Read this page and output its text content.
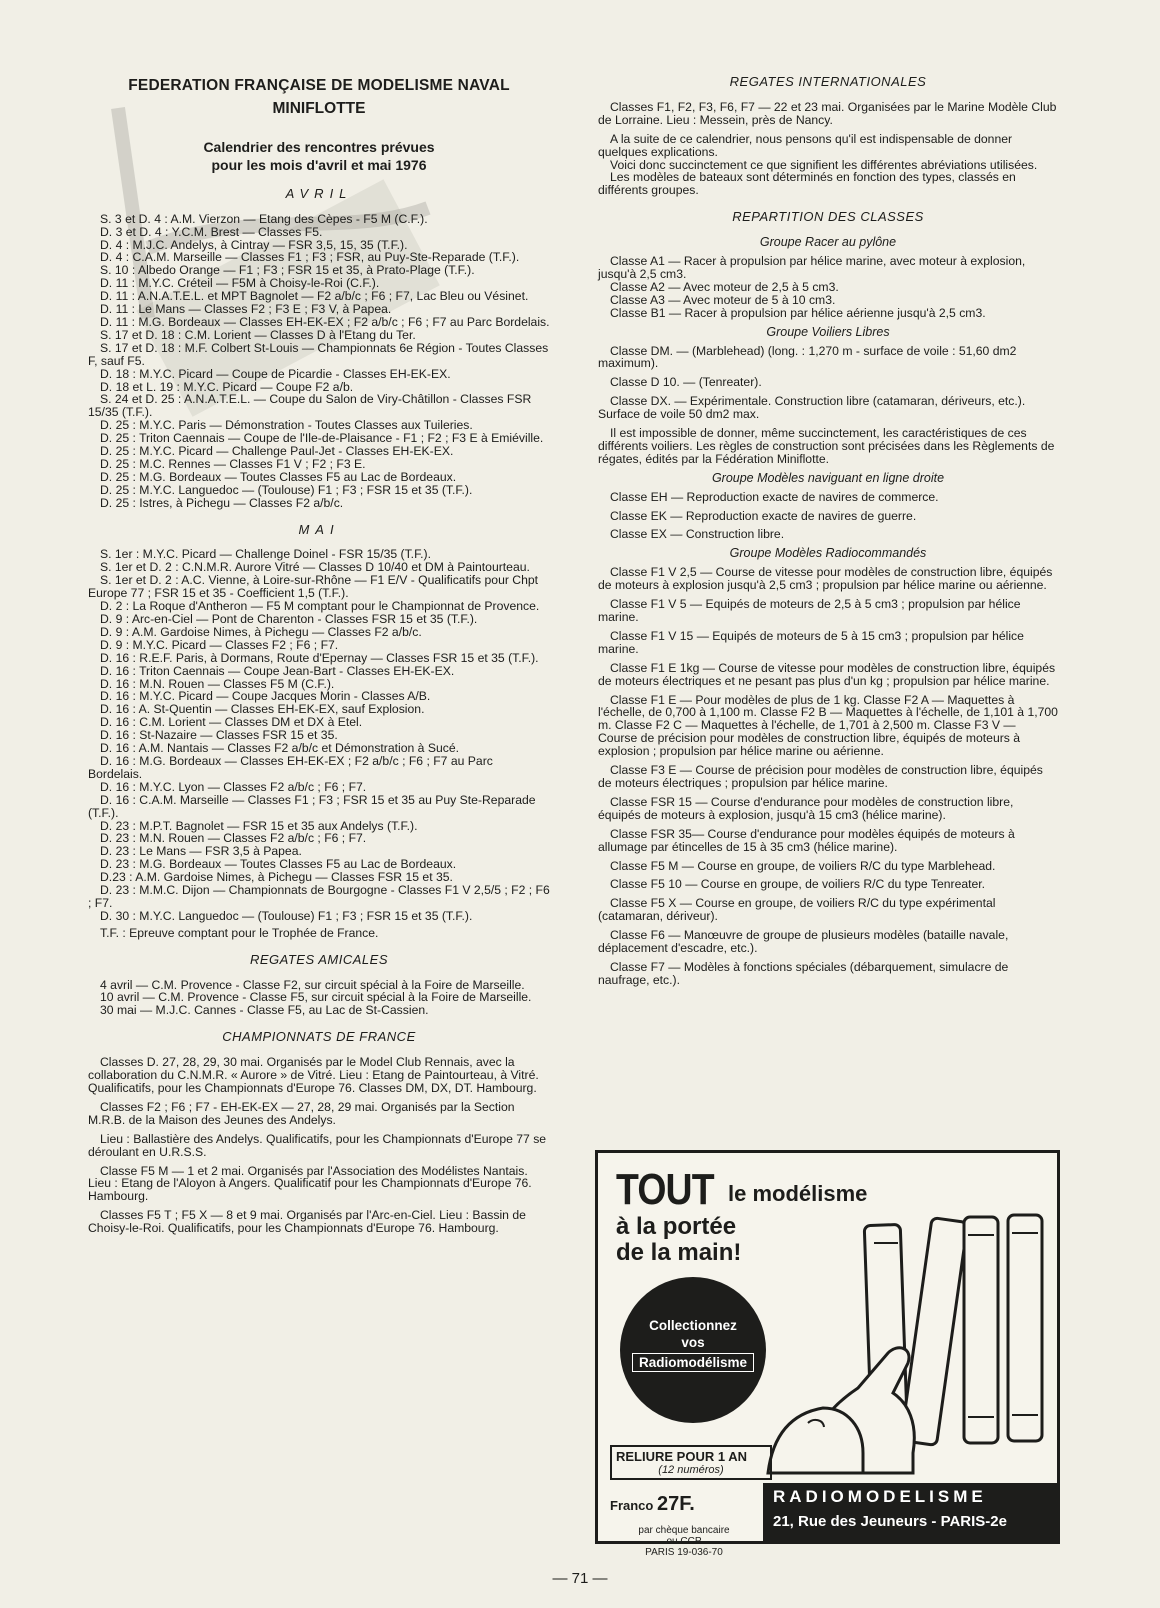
FEDERATION FRANÇAISE DE MODELISME NAVAL
MINIFLOTTE
Calendrier des rencontres prévues
pour les mois d'avril et mai 1976
AVRIL

S. 3 et D. 4 : A.M. Vierzon — Etang des Cèpes - F5 M (C.F.).

D. 3 et D. 4 : Y.C.M. Brest — Classes F5.

D. 4 : M.J.C. Andelys, à Cintray — FSR 3,5, 15, 35 (T.F.).

D. 4 : C.A.M. Marseille — Classes F1 ; F3 ; FSR, au Puy-Ste-Reparade (T.F.).

S. 10 : Albedo Orange — F1 ; F3 ; FSR 15 et 35, à Prato-Plage (T.F.).

D. 11 : M.Y.C. Créteil — F5M à Choisy-le-Roi (C.F.).

D. 11 : A.N.A.T.E.L. et MPT Bagnolet — F2 a/b/c ; F6 ; F7, Lac Bleu ou Vésinet.

D. 11 : Le Mans — Classes F2 ; F3 E ; F3 V, à Papea.

D. 11 : M.G. Bordeaux — Classes EH-EK-EX ; F2 a/b/c ; F6 ; F7 au Parc Bordelais.

S. 17 et D. 18 : C.M. Lorient — Classes D à l'Etang du Ter.

S. 17 et D. 18 : M.F. Colbert St-Louis — Championnats 6e Région - Toutes Classes F, sauf F5.

D. 18 : M.Y.C. Picard — Coupe de Picardie - Classes EH-EK-EX.

D. 18 et L. 19 : M.Y.C. Picard — Coupe F2 a/b.

S. 24 et D. 25 : A.N.A.T.E.L. — Coupe du Salon de Viry-Châtillon - Classes FSR 15/35 (T.F.).

D. 25 : M.Y.C. Paris — Démonstration - Toutes Classes aux Tuileries.

D. 25 : Triton Caennais — Coupe de l'Ile-de-Plaisance - F1 ; F2 ; F3 E à Emiéville.

D. 25 : M.Y.C. Picard — Challenge Paul-Jet - Classes EH-EK-EX.

D. 25 : M.C. Rennes — Classes F1 V ; F2 ; F3 E.

D. 25 : M.G. Bordeaux — Toutes Classes F5 au Lac de Bordeaux.

D. 25 : M.Y.C. Languedoc — (Toulouse) F1 ; F3 ; FSR 15 et 35 (T.F.).

D. 25 : Istres, à Pichegu — Classes F2 a/b/c.

MAI

S. 1er : M.Y.C. Picard — Challenge Doinel - FSR 15/35 (T.F.).

S. 1er et D. 2 : C.N.M.R. Aurore Vitré — Classes D 10/40 et DM à Paintourteau.

S. 1er et D. 2 : A.C. Vienne, à Loire-sur-Rhône — F1 E/V - Qualificatifs pour Chpt Europe 77 ; FSR 15 et 35 - Coefficient 1,5 (T.F.).

D. 2 : La Roque d'Antheron — F5 M comptant pour le Championnat de Provence.

D. 9 : Arc-en-Ciel — Pont de Charenton - Classes FSR 15 et 35 (T.F.).

D. 9 : A.M. Gardoise Nimes, à Pichegu — Classes F2 a/b/c.

D. 9 : M.Y.C. Picard — Classes F2 ; F6 ; F7.

D. 16 : R.E.F. Paris, à Dormans, Route d'Epernay — Classes FSR 15 et 35 (T.F.).

D. 16 : Triton Caennais — Coupe Jean-Bart - Classes EH-EK-EX.

D. 16 : M.N. Rouen — Classes F5 M (C.F.).

D. 16 : M.Y.C. Picard — Coupe Jacques Morin - Classes A/B.

D. 16 : A. St-Quentin — Classes EH-EK-EX, sauf Explosion.

D. 16 : C.M. Lorient — Classes DM et DX à Etel.

D. 16 : St-Nazaire — Classes FSR 15 et 35.

D. 16 : A.M. Nantais — Classes F2 a/b/c et Démonstration à Sucé.

D. 16 : M.G. Bordeaux — Classes EH-EK-EX ; F2 a/b/c ; F6 ; F7 au Parc Bordelais.

D. 16 : M.Y.C. Lyon — Classes F2 a/b/c ; F6 ; F7.

D. 16 : C.A.M. Marseille — Classes F1 ; F3 ; FSR 15 et 35 au Puy Ste-Reparade (T.F.).

D. 23 : M.P.T. Bagnolet — FSR 15 et 35 aux Andelys (T.F.).

D. 23 : M.N. Rouen — Classes F2 a/b/c ; F6 ; F7.

D. 23 : Le Mans — FSR 3,5 à Papea.

D. 23 : M.G. Bordeaux — Toutes Classes F5 au Lac de Bordeaux.

D.23 : A.M. Gardoise Nimes, à Pichegu — Classes FSR 15 et 35.

D. 23 : M.M.C. Dijon — Championnats de Bourgogne - Classes F1 V 2,5/5 ; F2 ; F6 ; F7.

D. 30 : M.Y.C. Languedoc — (Toulouse) F1 ; F3 ; FSR 15 et 35 (T.F.).

T.F. : Epreuve comptant pour le Trophée de France.

REGATES AMICALES

4 avril — C.M. Provence - Classe F2, sur circuit spécial à la Foire de Marseille.

10 avril — C.M. Provence - Classe F5, sur circuit spécial à la Foire de Marseille.

30 mai — M.J.C. Cannes - Classe F5, au Lac de St-Cassien.

CHAMPIONNATS DE FRANCE

Classes D. 27, 28, 29, 30 mai. Organisés par le Model Club Rennais, avec la collaboration du C.N.M.R. « Aurore » de Vitré. Lieu : Etang de Paintourteau, à Vitré. Qualificatifs, pour les Championnats d'Europe 76. Classes DM, DX, DT. Hambourg.

Classes F2 ; F6 ; F7 - EH-EK-EX — 27, 28, 29 mai. Organisés par la Section M.R.B. de la Maison des Jeunes des Andelys.

Lieu : Ballastière des Andelys. Qualificatifs, pour les Championnats d'Europe 77 se déroulant en U.R.S.S.

Classe F5 M — 1 et 2 mai. Organisés par l'Association des Modélistes Nantais. Lieu : Etang de l'Aloyon à Angers. Qualificatif pour les Championnats d'Europe 76. Hambourg.

Classes F5 T ; F5 X — 8 et 9 mai. Organisés par l'Arc-en-Ciel. Lieu : Bassin de Choisy-le-Roi. Qualificatifs, pour les Championnats d'Europe 76. Hambourg.

REGATES INTERNATIONALES

Classes F1, F2, F3, F6, F7 — 22 et 23 mai. Organisées par le Marine Modèle Club de Lorraine. Lieu : Messein, près de Nancy.

A la suite de ce calendrier, nous pensons qu'il est indispensable de donner quelques explications.

Voici donc succinctement ce que signifient les différentes abréviations utilisées.

Les modèles de bateaux sont déterminés en fonction des types, classés en différents groupes.

REPARTITION DES CLASSES
Groupe Racer au pylône

Classe A1 — Racer à propulsion par hélice marine, avec moteur à explosion, jusqu'à 2,5 cm3.

Classe A2 — Avec moteur de 2,5 à 5 cm3.

Classe A3 — Avec moteur de 5 à 10 cm3.

Classe B1 — Racer à propulsion par hélice aérienne jusqu'à 2,5 cm3.

Groupe Voiliers Libres

Classe DM. — (Marblehead) (long. : 1,270 m - surface de voile : 51,60 dm2 maximum).

Classe D 10. — (Tenreater).

Classe DX. — Expérimentale. Construction libre (catamaran, dériveurs, etc.). Surface de voile 50 dm2 max.

Il est impossible de donner, même succinctement, les caractéristiques de ces différents voiliers. Les règles de construction sont précisées dans les Règlements de régates, édités par la Fédération Miniflotte.

Groupe Modèles naviguant en ligne droite

Classe EH — Reproduction exacte de navires de commerce.

Classe EK — Reproduction exacte de navires de guerre.

Classe EX — Construction libre.

Groupe Modèles Radiocommandés

Classe F1 V 2,5 — Course de vitesse pour modèles de construction libre, équipés de moteurs à explosion jusqu'à 2,5 cm3 ; propulsion par hélice marine ou aérienne.

Classe F1 V 5 — Equipés de moteurs de 2,5 à 5 cm3 ; propulsion par hélice marine.

Classe F1 V 15 — Equipés de moteurs de 5 à 15 cm3 ; propulsion par hélice marine.

Classe F1 E 1kg — Course de vitesse pour modèles de construction libre, équipés de moteurs électriques et ne pesant pas plus d'un kg ; propulsion par hélice marine.

Classe F1 E — Pour modèles de plus de 1 kg. Classe F2 A — Maquettes à l'échelle, de 0,700 à 1,100 m. Classe F2 B — Maquettes à l'échelle, de 1,101 à 1,700 m. Classe F2 C — Maquettes à l'échelle, de 1,701 à 2,500 m. Classe F3 V — Course de précision pour modèles de construction libre, équipés de moteurs à explosion ; propulsion par hélice marine ou aérienne.

Classe F3 E — Course de précision pour modèles de construction libre, équipés de moteurs électriques ; propulsion par hélice marine.

Classe FSR 15 — Course d'endurance pour modèles de construction libre, équipés de moteurs à explosion, jusqu'à 15 cm3 (hélice marine).

Classe FSR 35— Course d'endurance pour modèles équipés de moteurs à allumage par étincelles de 15 à 35 cm3 (hélice marine).

Classe F5 M — Course en groupe, de voiliers R/C du type Marblehead.

Classe F5 10 — Course en groupe, de voiliers R/C du type Tenreater.

Classe F5 X — Course en groupe, de voiliers R/C du type expérimental (catamaran, dériveur).

Classe F6 — Manœuvre de groupe de plusieurs modèles (bataille navale, déplacement d'escadre, etc.).

Classe F7 — Modèles à fonctions spéciales (débarquement, simulacre de naufrage, etc.).

TOUT le modélisme
à la portée
de la main!
Collectionnez
vos
Radiomodélisme
RELIURE POUR 1 AN
(12 numéros)
Franco 27F.
par chèque bancaire
ou CCP
PARIS 19-036-70
RADIOMODELISME
21, Rue des Jeuneurs - PARIS-2e
— 71 —
